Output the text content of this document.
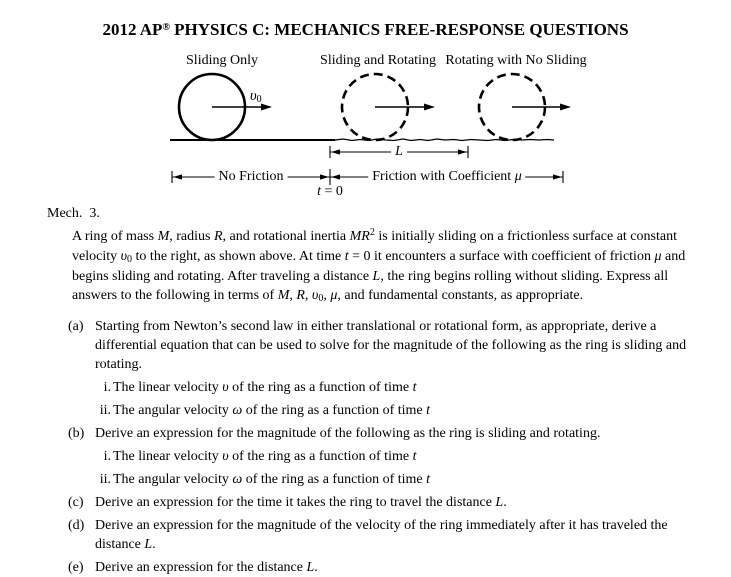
2012 AP® PHYSICS C: MECHANICS FREE-RESPONSE QUESTIONS
Sliding Only	Sliding and Rotating Rotating with No Sliding
υ0
L
No Friction	Friction with Coefficient μ
t = 0
Mech.  3.

A ring of mass M, radius R, and rotational inertia $MR^2$ is initially sliding on a frictionless surface at constant velocity υ0 to the right, as shown above. At time t = 0 it encounters a surface with coefficient of friction μ and begins sliding and rotating. After traveling a distance L, the ring begins rolling without sliding. Express all answers to the following in terms of M, R, υ0, μ, and fundamental constants, as appropriate.

(a) Starting from Newton’s second law in either translational or rotational form, as appropriate, derive a differential equation that can be used to solve for the magnitude of the following as the ring is sliding and rotating.
i. The linear velocity υ of the ring as a function of time t
ii. The angular velocity ω of the ring as a function of time t
(b) Derive an expression for the magnitude of the following as the ring is sliding and rotating.
i. The linear velocity υ of the ring as a function of time t
ii. The angular velocity ω of the ring as a function of time t
(c) Derive an expression for the time it takes the ring to travel the distance L.
(d) Derive an expression for the magnitude of the velocity of the ring immediately after it has traveled the distance L.
(e) Derive an expression for the distance L.
